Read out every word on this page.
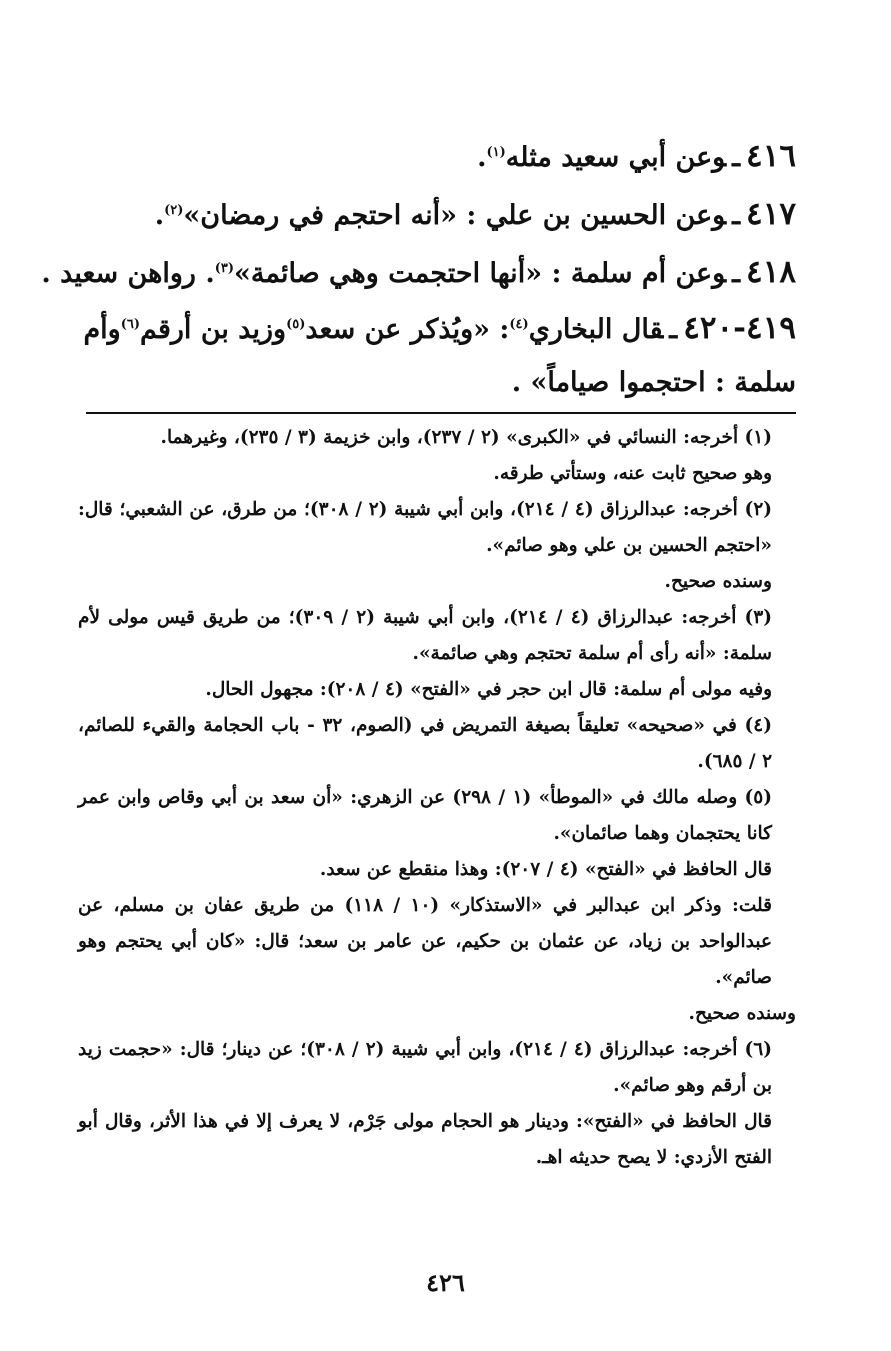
٤١٦ـوعن أبي سعيد مثله$^{(١)}$.
٤١٧ـوعن الحسين بن علي : «أنه احتجم في رمضان»$^{(٢)}$.
٤١٨ـوعن أم سلمة : «أنها احتجمت وهي صائمة»$^{(٣)}$. رواهن سعيد .
٤١٩-٤٢٠ـقال البخاري$^{(٤)}$: «ويُذكر عن سعد$^{(٥)}$وزيد بن أرقم$^{(٦)}$وأم سلمة : احتجموا صياماً» .

(١) أخرجه: النسائي في «الكبرى» (٢ / ٢٣٧)، وابن خزيمة (٣ / ٢٣٥)، وغيرهما.

وهو صحيح ثابت عنه، وستأتي طرقه.

(٢) أخرجه: عبدالرزاق (٤ / ٢١٤)، وابن أبي شيبة (٢ / ٣٠٨)؛ من طرق، عن الشعبي؛ قال: «احتجم الحسين بن علي وهو صائم».

وسنده صحيح.

(٣) أخرجه: عبدالرزاق (٤ / ٢١٤)، وابن أبي شيبة (٢ / ٣٠٩)؛ من طريق قيس مولى لأم سلمة: «أنه رأى أم سلمة تحتجم وهي صائمة».

وفيه مولى أم سلمة: قال ابن حجر في «الفتح» (٤ / ٢٠٨): مجهول الحال.

(٤) في «صحيحه» تعليقاً بصيغة التمريض في (الصوم، ٣٢ - باب الحجامة والقيء للصائم، ٢ / ٦٨٥).

(٥) وصله مالك في «الموطأ» (١ / ٢٩٨) عن الزهري: «أن سعد بن أبي وقاص وابن عمر كانا يحتجمان وهما صائمان».

قال الحافظ في «الفتح» (٤ / ٢٠٧): وهذا منقطع عن سعد.

قلت: وذكر ابن عبدالبر في «الاستذكار» (١٠ / ١١٨) من طريق عفان بن مسلم، عن عبدالواحد بن زياد، عن عثمان بن حكيم، عن عامر بن سعد؛ قال: «كان أبي يحتجم وهو صائم».

وسنده صحيح.

(٦) أخرجه: عبدالرزاق (٤ / ٢١٤)، وابن أبي شيبة (٢ / ٣٠٨)؛ عن دينار؛ قال: «حجمت زيد بن أرقم وهو صائم».

قال الحافظ في «الفتح»: ودينار هو الحجام مولى جَرْم، لا يعرف إلا في هذا الأثر، وقال أبو الفتح الأزدي: لا يصح حديثه اهـ.

٤٢٦
